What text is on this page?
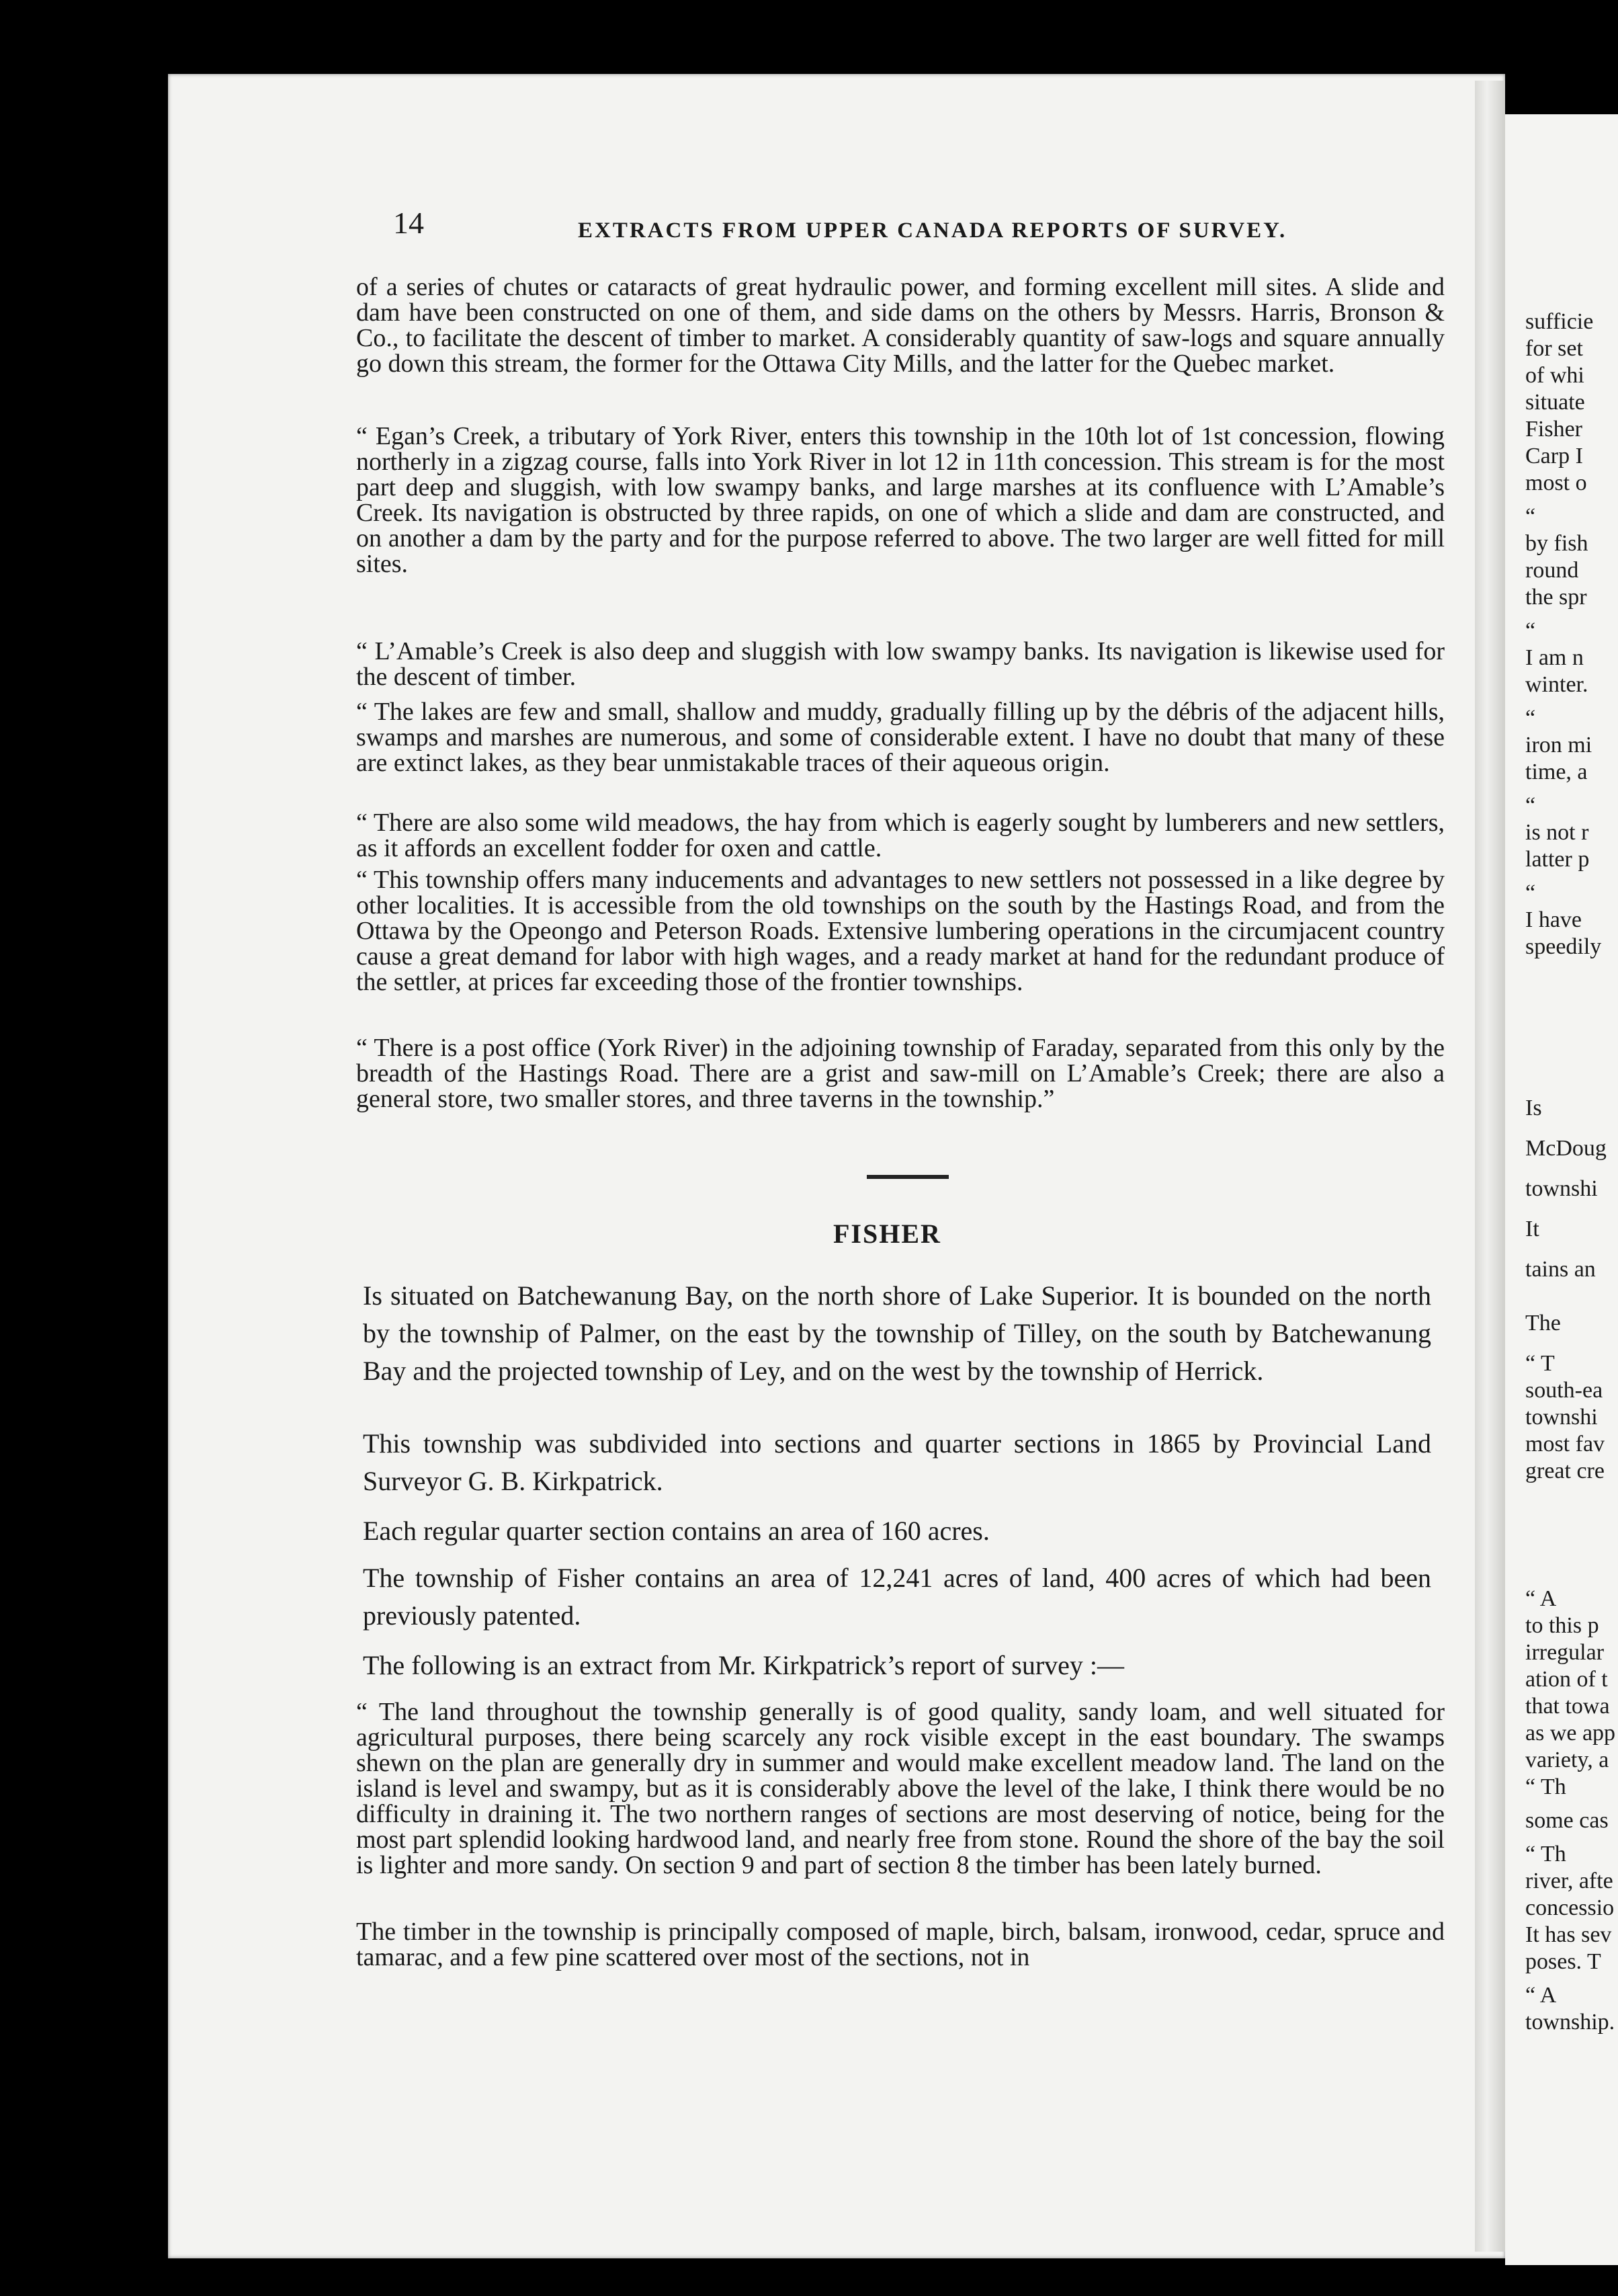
sufficie
for set
of whi
situate
Fisher
Carp I
most o
“
by fish
round
the spr
“
I am n
winter.
“
iron mi
time, a
“
is not r
latter p
“
I have
speedily
Is
McDoug
townshi
It
tains an
The
“ T
south-ea
townshi
most fav
great cre
“ A
to this p
irregular
ation of t
that towa
as we app
variety, a
“ Th
some cas
“ Th
river, afte
concessio
It has sev
poses. T
“ A
township.
14	EXTRACTS FROM UPPER CANADA REPORTS OF SURVEY.
of a series of chutes or cataracts of great hydraulic power, and forming excellent mill sites. A slide and dam have been constructed on one of them, and side dams on the others by Messrs. Harris, Bronson & Co., to facilitate the descent of timber to market. A considerably quantity of saw-logs and square annually go down this stream, the former for the Ottawa City Mills, and the latter for the Quebec market.
“ Egan’s Creek, a tributary of York River, enters this township in the 10th lot of 1st concession, flowing northerly in a zigzag course, falls into York River in lot 12 in 11th concession. This stream is for the most part deep and sluggish, with low swampy banks, and large marshes at its confluence with L’Amable’s Creek. Its navigation is obstructed by three rapids, on one of which a slide and dam are constructed, and on another a dam by the party and for the purpose referred to above. The two larger are well fitted for mill sites.
“ L’Amable’s Creek is also deep and sluggish with low swampy banks. Its navigation is likewise used for the descent of timber.
“ The lakes are few and small, shallow and muddy, gradually filling up by the débris of the adjacent hills, swamps and marshes are numerous, and some of considerable extent. I have no doubt that many of these are extinct lakes, as they bear unmistakable traces of their aqueous origin.
“ There are also some wild meadows, the hay from which is eagerly sought by lumberers and new settlers, as it affords an excellent fodder for oxen and cattle.
“ This township offers many inducements and advantages to new settlers not possessed in a like degree by other localities. It is accessible from the old townships on the south by the Hastings Road, and from the Ottawa by the Opeongo and Peterson Roads. Extensive lumbering operations in the circumjacent country cause a great demand for labor with high wages, and a ready market at hand for the redundant produce of the settler, at prices far exceeding those of the frontier townships.
“ There is a post office (York River) in the adjoining township of Faraday, separated from this only by the breadth of the Hastings Road. There are a grist and saw-mill on L’Amable’s Creek; there are also a general store, two smaller stores, and three taverns in the township.”
FISHER
Is situated on Batchewanung Bay, on the north shore of Lake Superior. It is bounded on the north by the township of Palmer, on the east by the township of Tilley, on the south by Batchewanung Bay and the projected township of Ley, and on the west by the township of Herrick.
This township was subdivided into sections and quarter sections in 1865 by Provincial Land Surveyor G. B. Kirkpatrick.
Each regular quarter section contains an area of 160 acres.
The township of Fisher contains an area of 12,241 acres of land, 400 acres of which had been previously patented.
The following is an extract from Mr. Kirkpatrick’s report of survey :—
“ The land throughout the township generally is of good quality, sandy loam, and well situated for agricultural purposes, there being scarcely any rock visible except in the east boundary. The swamps shewn on the plan are generally dry in summer and would make excellent meadow land. The land on the island is level and swampy, but as it is considerably above the level of the lake, I think there would be no difficulty in draining it. The two northern ranges of sections are most deserving of notice, being for the most part splendid looking hardwood land, and nearly free from stone. Round the shore of the bay the soil is lighter and more sandy. On section 9 and part of section 8 the timber has been lately burned.
The timber in the township is principally composed of maple, birch, balsam, ironwood, cedar, spruce and tamarac, and a few pine scattered over most of the sections, not in
